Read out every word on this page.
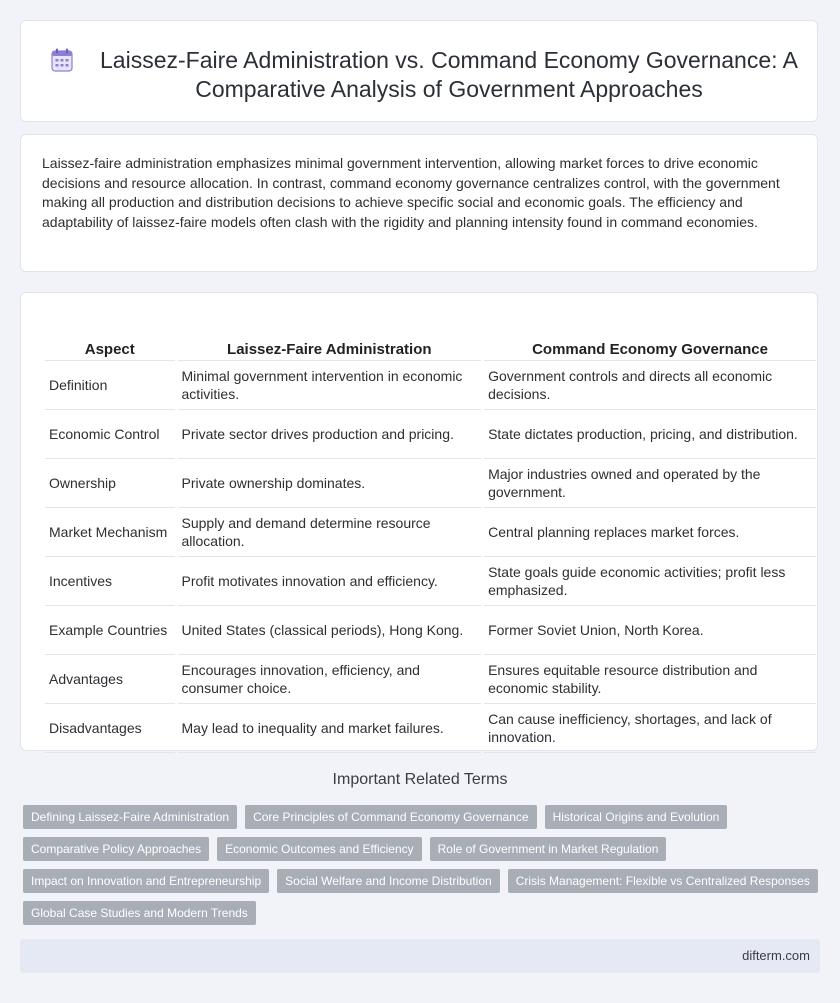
Laissez-Faire Administration vs. Command Economy Governance: A Comparative Analysis of Government Approaches

Laissez-faire administration emphasizes minimal government intervention, allowing market forces to drive economic decisions and resource allocation. In contrast, command economy governance centralizes control, with the government making all production and distribution decisions to achieve specific social and economic goals. The efficiency and adaptability of laissez-faire models often clash with the rigidity and planning intensity found in command economies.

Aspect	Laissez-Faire Administration	Command Economy Governance
Definition	Minimal government intervention in economic activities.	Government controls and directs all economic decisions.
Economic Control	Private sector drives production and pricing.	State dictates production, pricing, and distribution.
Ownership	Private ownership dominates.	Major industries owned and operated by the government.
Market Mechanism	Supply and demand determine resource allocation.	Central planning replaces market forces.
Incentives	Profit motivates innovation and efficiency.	State goals guide economic activities; profit less emphasized.
Example Countries	United States (classical periods), Hong Kong.	Former Soviet Union, North Korea.
Advantages	Encourages innovation, efficiency, and consumer choice.	Ensures equitable resource distribution and economic stability.
Disadvantages	May lead to inequality and market failures.	Can cause inefficiency, shortages, and lack of innovation.
Important Related Terms
Defining Laissez-Faire Administration	Core Principles of Command Economy Governance	Historical Origins and Evolution
Comparative Policy Approaches	Economic Outcomes and Efficiency	Role of Government in Market Regulation
Impact on Innovation and Entrepreneurship	Social Welfare and Income Distribution	Crisis Management: Flexible vs Centralized Responses
Global Case Studies and Modern Trends
difterm.com
